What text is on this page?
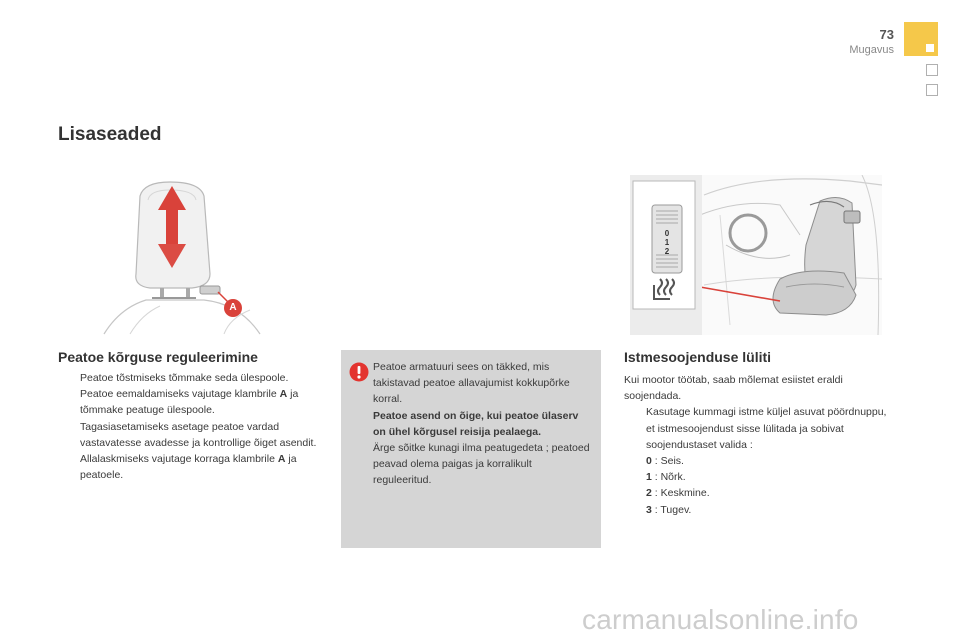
73
Mugavus
Lisaseaded
A
0
1
2
Peatoe kõrguse reguleerimine
Peatoe tõstmiseks tõmmake seda ülespoole.
Peatoe eemaldamiseks vajutage klambrile A ja tõmmake peatuge ülespoole.
Tagasiasetamiseks asetage peatoe vardad vastavatesse avadesse ja kontrollige õiget asendit.
Allalaskmiseks vajutage korraga klambrile A ja peatoele.

Peatoe armatuuri sees on täkked, mis takistavad peatoe allavajumist kokkupõrke korral.

Peatoe asend on õige, kui peatoe ülaserv on ühel kõrgusel reisija pealaega.

Ärge sõitke kunagi ilma peatugedeta ; peatoed peavad olema paigas ja korralikult reguleeritud.

Istmesoojenduse lüliti
Kui mootor töötab, saab mõlemat esiistet eraldi soojendada.
Kasutage kummagi istme küljel asuvat pöördnuppu, et istmesoojendust sisse lülitada ja sobivat soojendustaset valida :
0 : Seis.
1 : Nõrk.
2 : Keskmine.
3 : Tugev.
carmanualsonline.info
